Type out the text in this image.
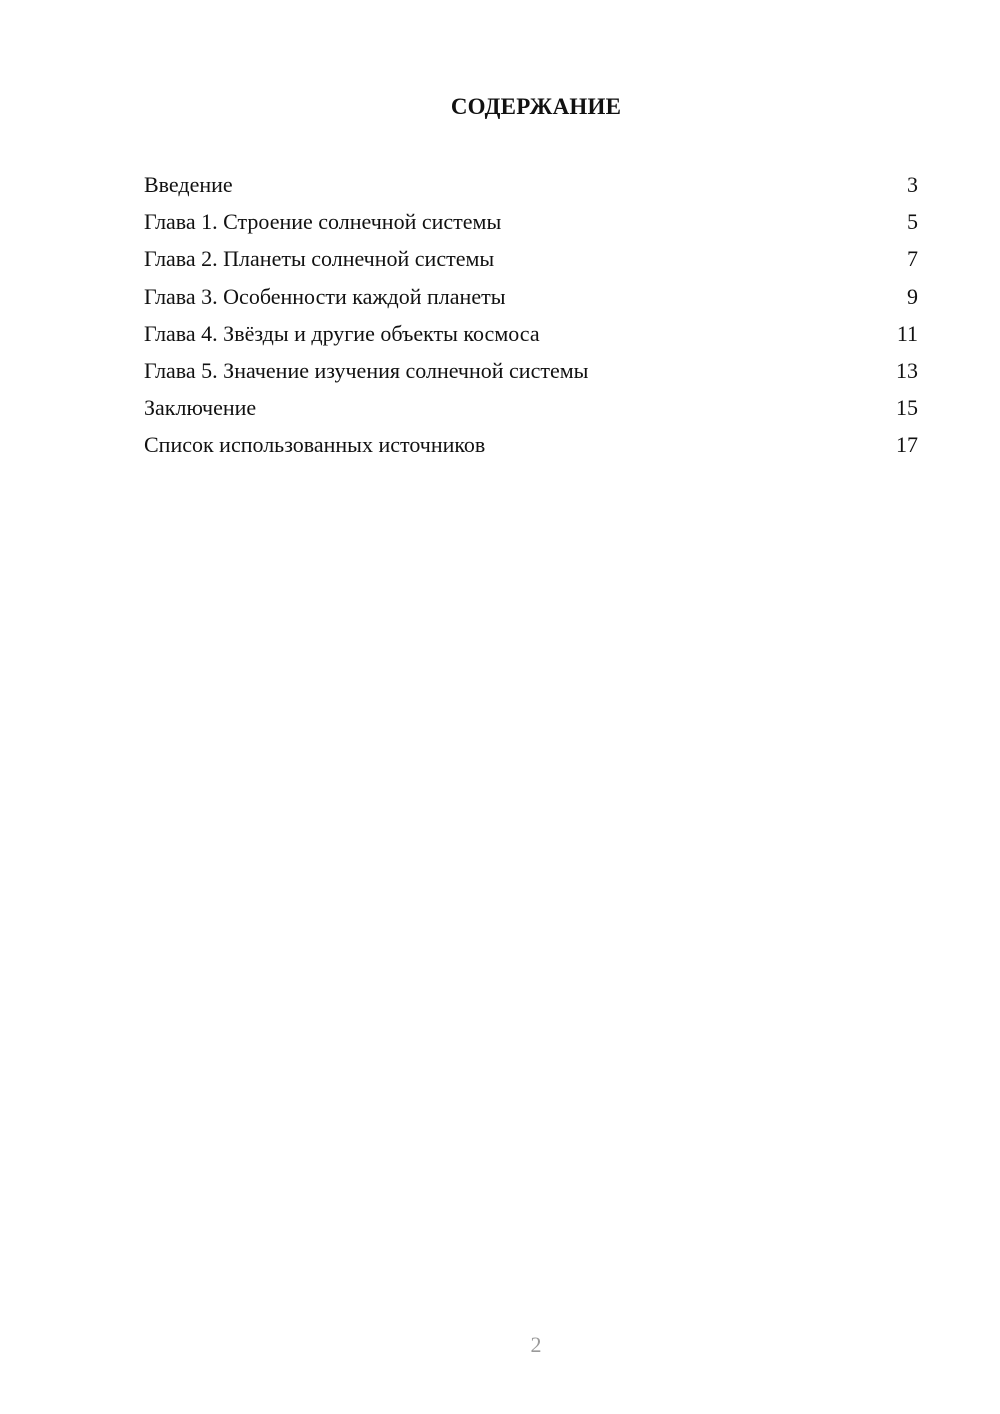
СОДЕРЖАНИЕ
Введение	3
Глава 1. Строение солнечной системы	5
Глава 2. Планеты солнечной системы	7
Глава 3. Особенности каждой планеты	9
Глава 4. Звёзды и другие объекты космоса	11
Глава 5. Значение изучения солнечной системы	13
Заключение	15
Список использованных источников	17
2
